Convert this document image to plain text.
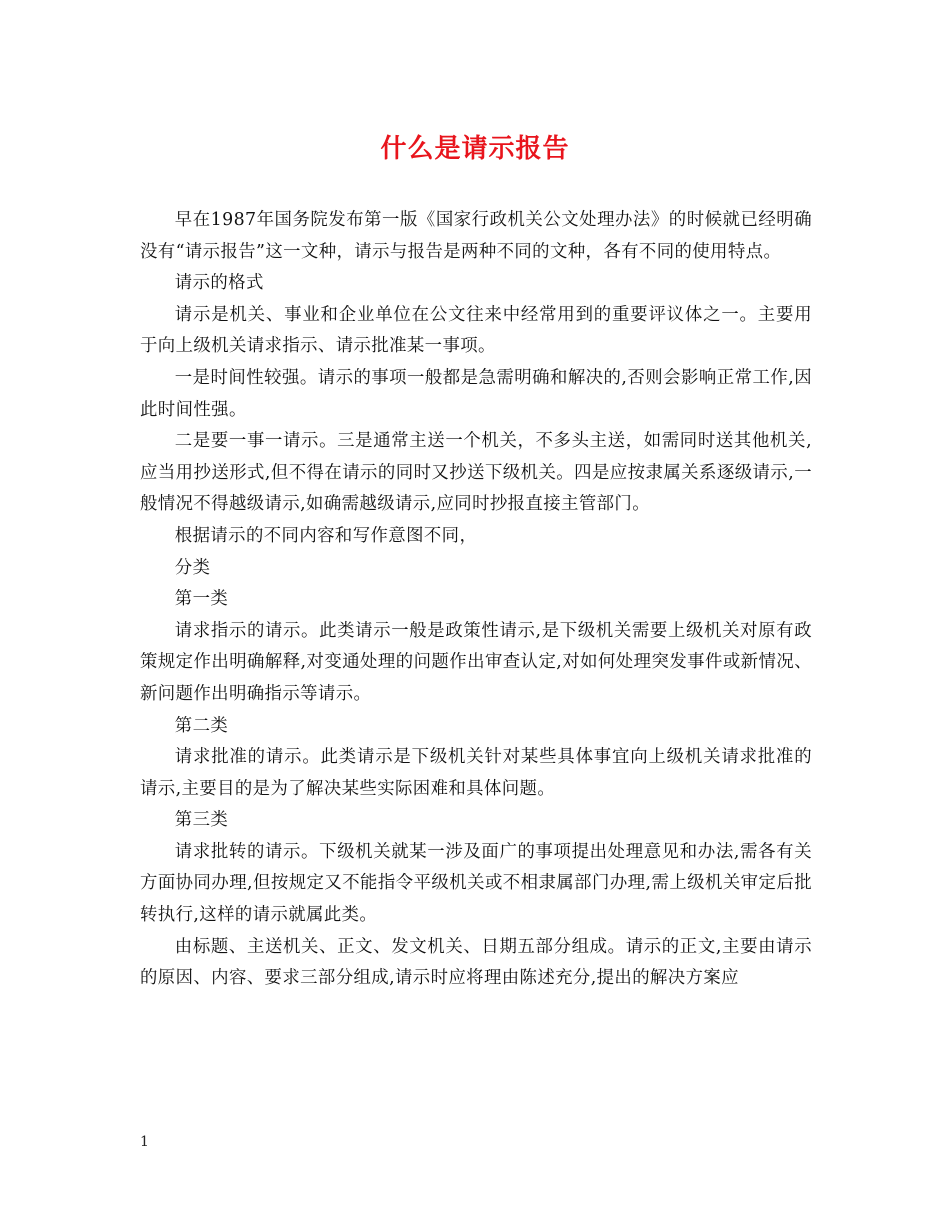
什么是请示报告

早在1987年国务院发布第一版《国家行政机关公文处理办法》的时候就已经明确没有“请示报告”这一文种，请示与报告是两种不同的文种，各有不同的使用特点。

请示的格式

请示是机关、事业和企业单位在公文往来中经常用到的重要评议体之一。主要用于向上级机关请求指示、请示批准某一事项。

一是时间性较强。请示的事项一般都是急需明确和解决的,否则会影响正常工作,因此时间性强。

二是要一事一请示。三是通常主送一个机关，不多头主送，如需同时送其他机关,应当用抄送形式,但不得在请示的同时又抄送下级机关。四是应按隶属关系逐级请示,一般情况不得越级请示,如确需越级请示,应同时抄报直接主管部门。

根据请示的不同内容和写作意图不同，

分类

第一类

请求指示的请示。此类请示一般是政策性请示,是下级机关需要上级机关对原有政策规定作出明确解释,对变通处理的问题作出审查认定,对如何处理突发事件或新情况、新问题作出明确指示等请示。

第二类

请求批准的请示。此类请示是下级机关针对某些具体事宜向上级机关请求批准的请示,主要目的是为了解决某些实际困难和具体问题。

第三类

请求批转的请示。下级机关就某一涉及面广的事项提出处理意见和办法,需各有关方面协同办理,但按规定又不能指令平级机关或不相隶属部门办理,需上级机关审定后批转执行,这样的请示就属此类。

由标题、主送机关、正文、发文机关、日期五部分组成。请示的正文,主要由请示的原因、内容、要求三部分组成,请示时应将理由陈述充分,提出的解决方案应

1
